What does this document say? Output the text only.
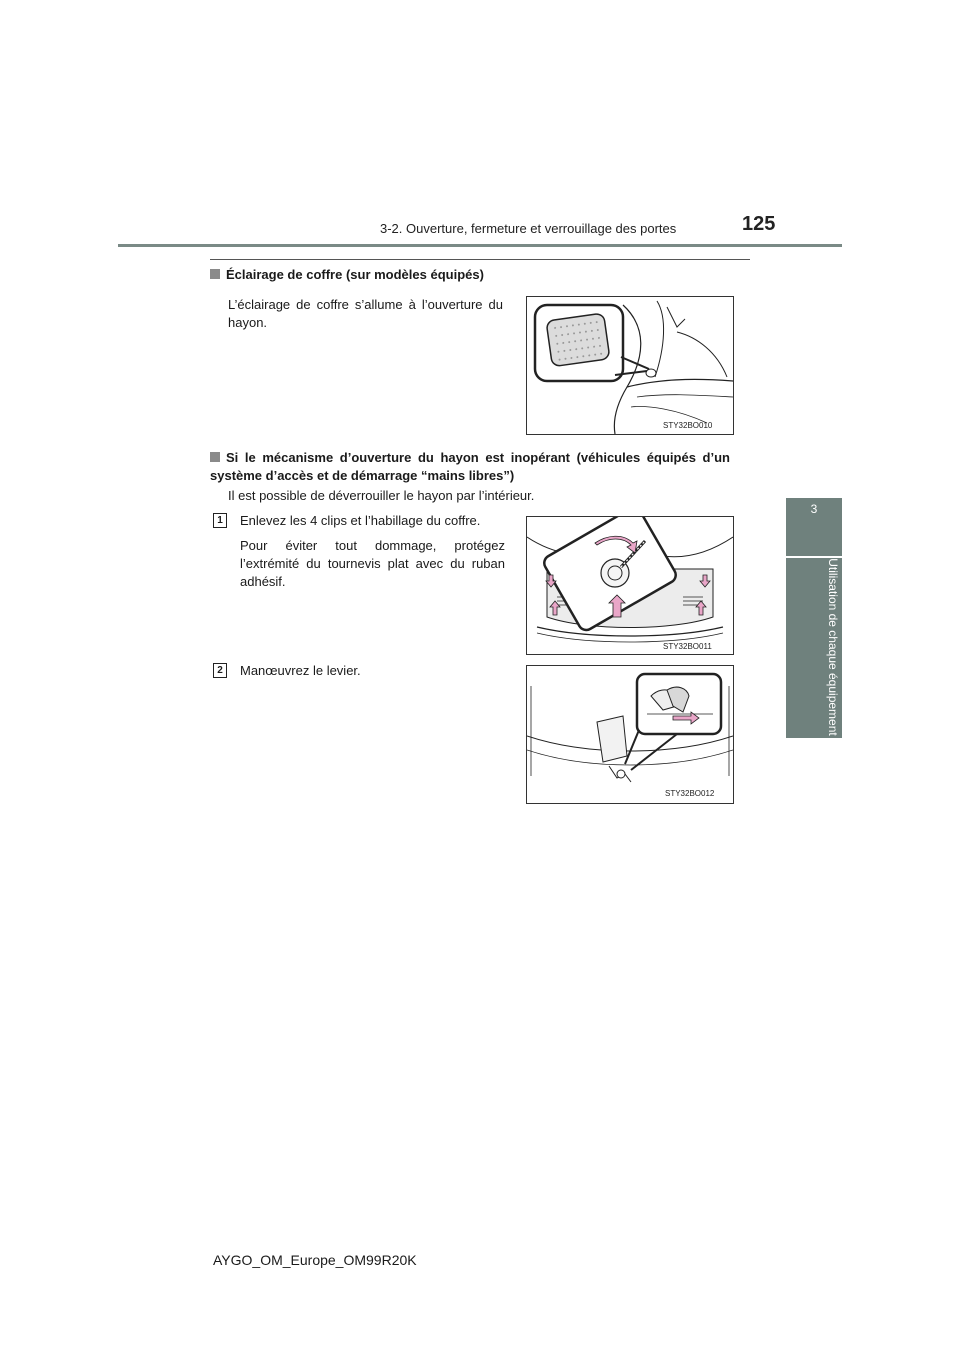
3-2. Ouverture, fermeture et verrouillage des portes	125
3
Utilisation de chaque équipement
Éclairage de coffre (sur modèles équipés)
L’éclairage de coffre s’allume à l’ouverture du hayon.
STY32BO010
Si le mécanisme d’ouverture du hayon est inopérant (véhicules équipés d’un système d’accès et de démarrage “mains libres”)
Il est possible de déverrouiller le hayon par l’intérieur.
1	Enlevez les 4 clips et l’habillage du coffre.
Pour éviter tout dommage, protégez l’extrémité du tournevis plat avec du ruban adhésif.
STY32BO011
2	Manœuvrez le levier.
STY32BO012
AYGO_OM_Europe_OM99R20K
